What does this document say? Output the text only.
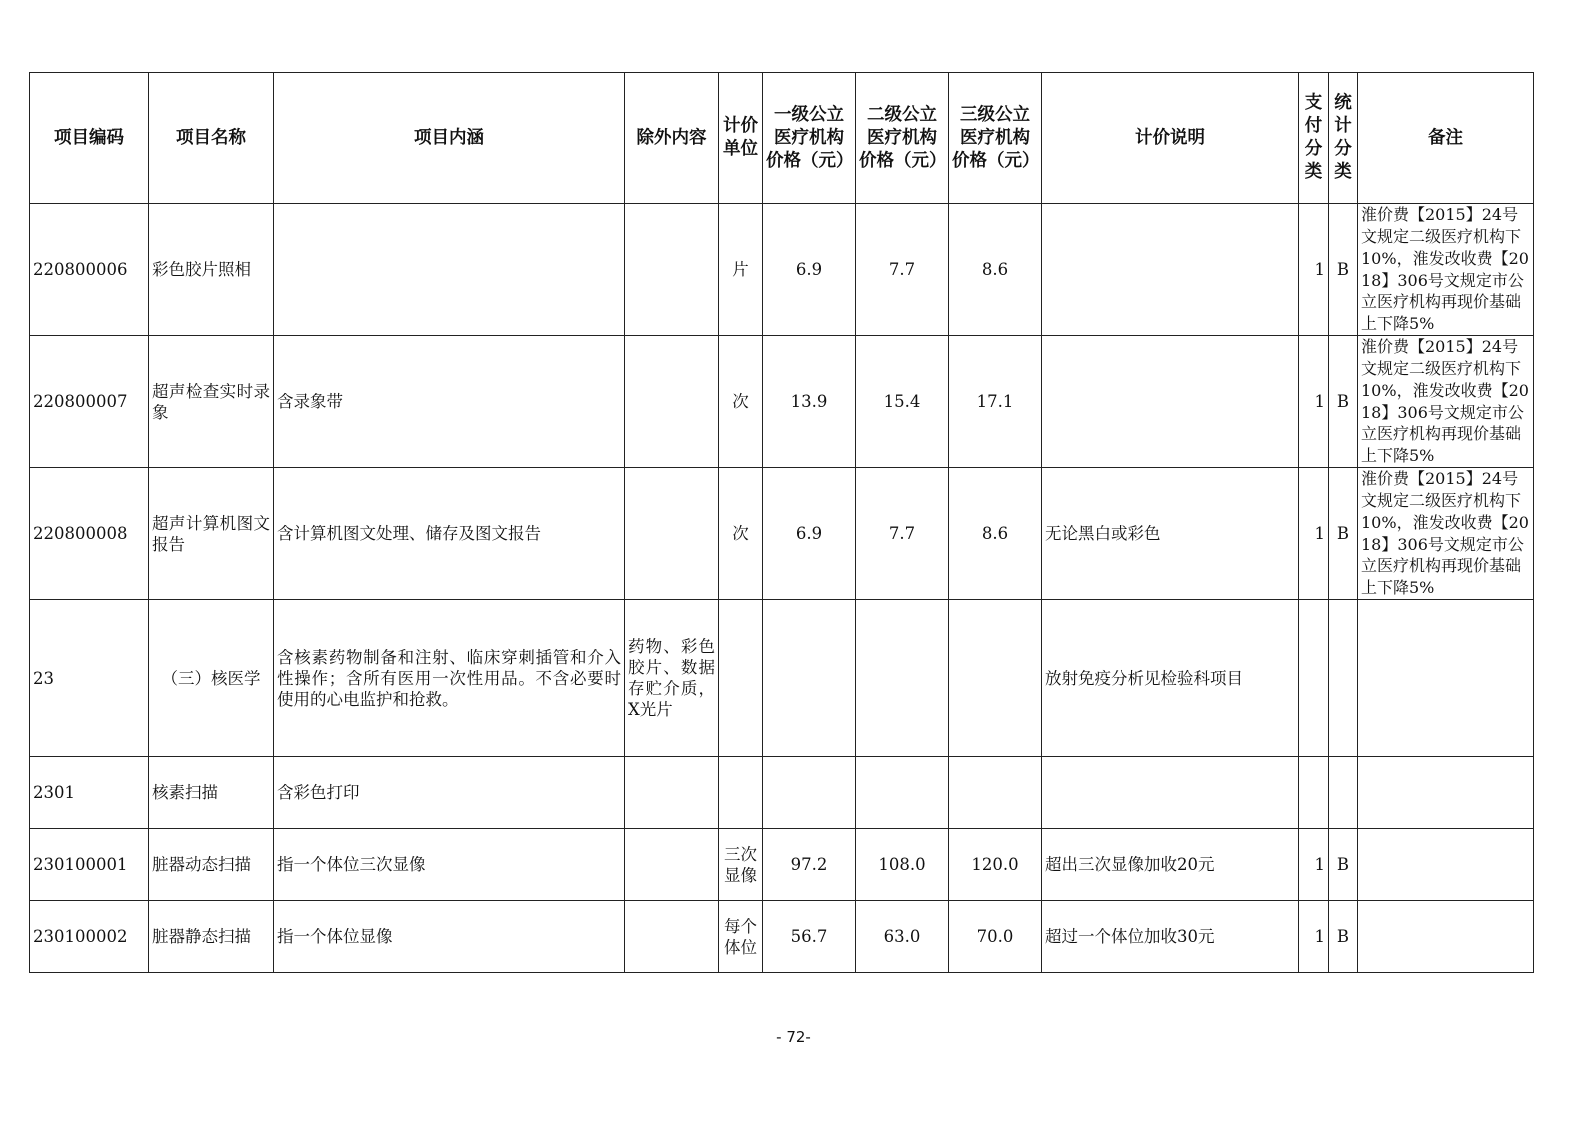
项目编码	项目名称	项目内涵	除外内容	计价单位	一级公立医疗机构价格（元）	二级公立医疗机构价格（元）	三级公立医疗机构价格（元）	计价说明	支付分类	统计分类	备注
220800006	彩色胶片照相			片	6.9	7.7	8.6		1	B	淮价费【2015】24号文规定二级医疗机构下10%，淮发改收费【2018】306号文规定市公立医疗机构再现价基础上下降5%
220800007	超声检查实时录象	含录象带		次	13.9	15.4	17.1		1	B	淮价费【2015】24号文规定二级医疗机构下10%，淮发改收费【2018】306号文规定市公立医疗机构再现价基础上下降5%
220800008	超声计算机图文报告	含计算机图文处理、储存及图文报告		次	6.9	7.7	8.6	无论黑白或彩色	1	B	淮价费【2015】24号文规定二级医疗机构下10%，淮发改收费【2018】306号文规定市公立医疗机构再现价基础上下降5%
23	（三）核医学	含核素药物制备和注射、临床穿刺插管和介入性操作；含所有医用一次性用品。不含必要时使用的心电监护和抢救。	药物、彩色胶片、数据存贮介质，X光片					放射免疫分析见检验科项目			
2301	核素扫描	含彩色打印									
230100001	脏器动态扫描	指一个体位三次显像		三次显像	97.2	108.0	120.0	超出三次显像加收20元	1	B	
230100002	脏器静态扫描	指一个体位显像		每个体位	56.7	63.0	70.0	超过一个体位加收30元	1	B	
- 72-
